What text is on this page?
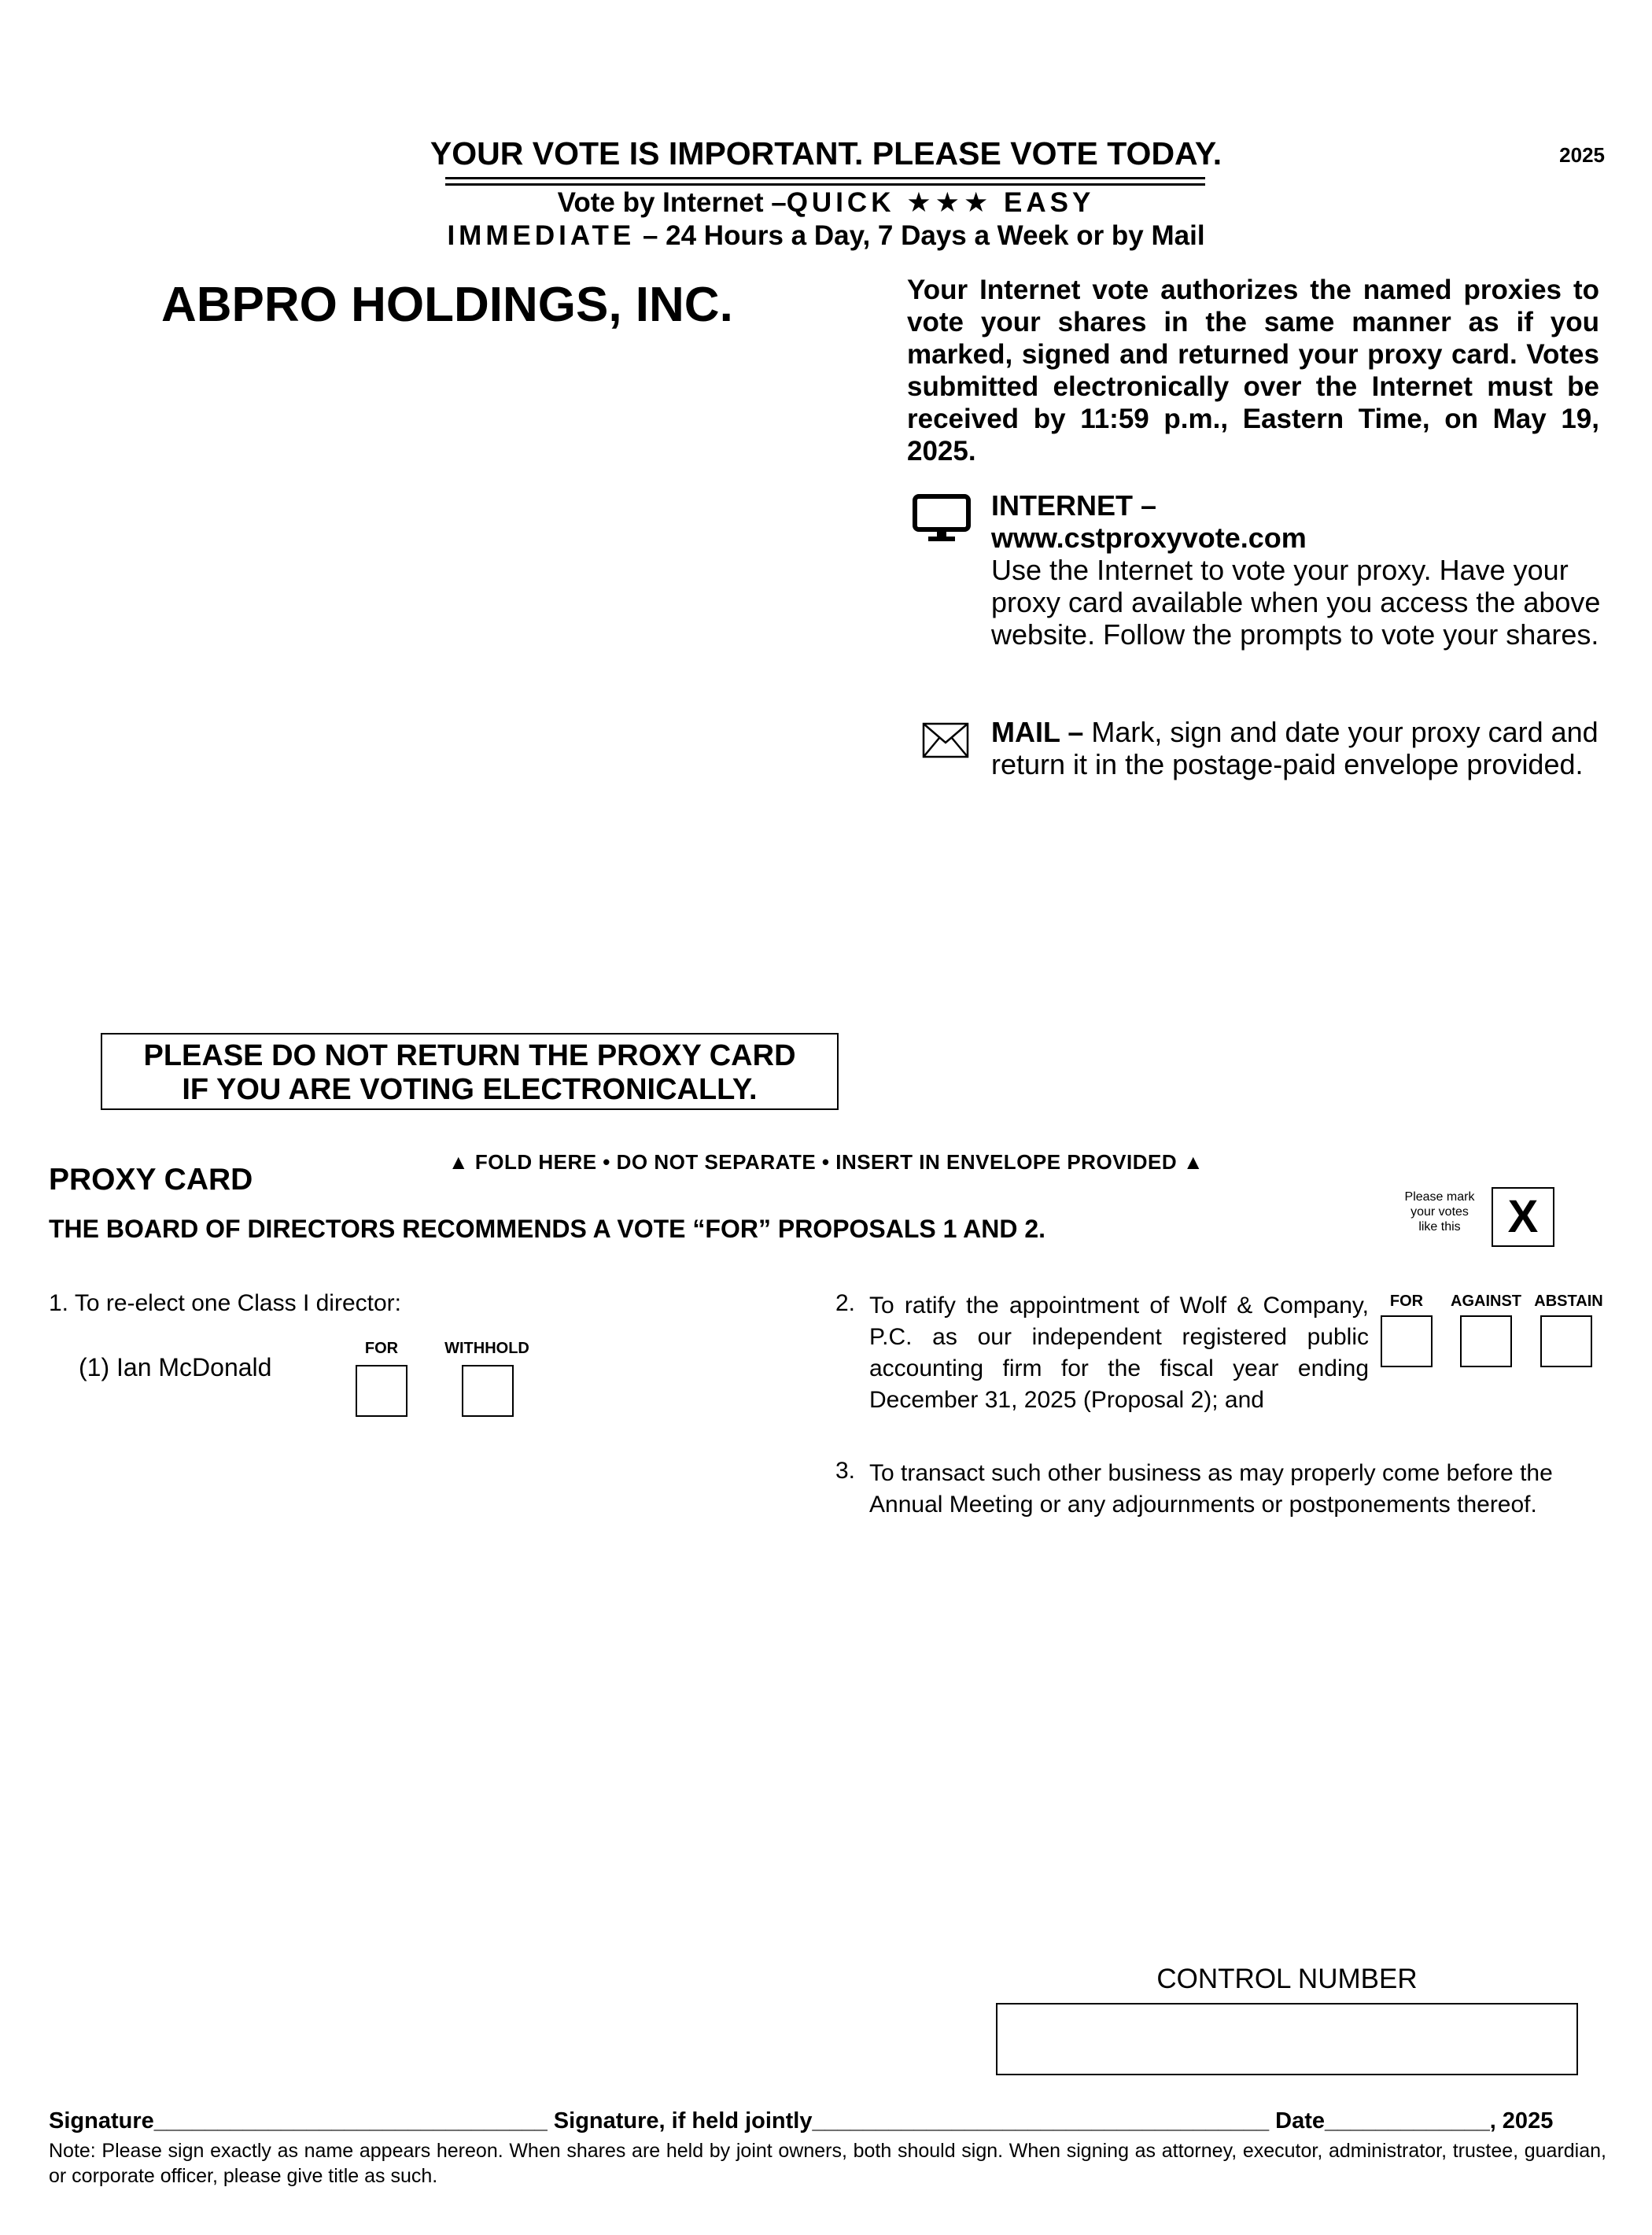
YOUR VOTE IS IMPORTANT. PLEASE VOTE TODAY.	2025
Vote by Internet –QUICK ★★★ EASY
IMMEDIATE – 24 Hours a Day, 7 Days a Week or by Mail
ABPRO HOLDINGS, INC.	Your Internet vote authorizes the named proxies to vote your shares in the same manner as if you marked, signed and returned your proxy card. Votes submitted electronically over the Internet must be received by 11:59 p.m., Eastern Time, on May 19, 2025.
INTERNET –
www.cstproxyvote.com
Use the Internet to vote your proxy. Have your proxy card available when you access the above website. Follow the prompts to vote your shares.
MAIL – Mark, sign and date your proxy card and return it in the postage-paid envelope provided.
PLEASE DO NOT RETURN THE PROXY CARD
IF YOU ARE VOTING ELECTRONICALLY.
▲ FOLD HERE • DO NOT SEPARATE • INSERT IN ENVELOPE PROVIDED ▲
PROXY CARD
THE BOARD OF DIRECTORS RECOMMENDS A VOTE “FOR” PROPOSALS 1 AND 2.
Please mark
your votes
like this	X
1. To re-elect one Class I director:
(1) Ian McDonald
FOR	WITHHOLD
2. To ratify the appointment of Wolf & Company, P.C. as our independent registered public accounting firm for the fiscal year ending December 31, 2025 (Proposal 2); and
FOR	AGAINST ABSTAIN
3. To transact such other business as may properly come before the Annual Meeting or any adjournments or postponements thereof.
CONTROL NUMBER
Signature_______________________________ Signature, if held jointly____________________________________ Date_____________, 2025
Note: Please sign exactly as name appears hereon. When shares are held by joint owners, both should sign. When signing as attorney, executor, administrator, trustee, guardian, or corporate officer, please give title as such.
